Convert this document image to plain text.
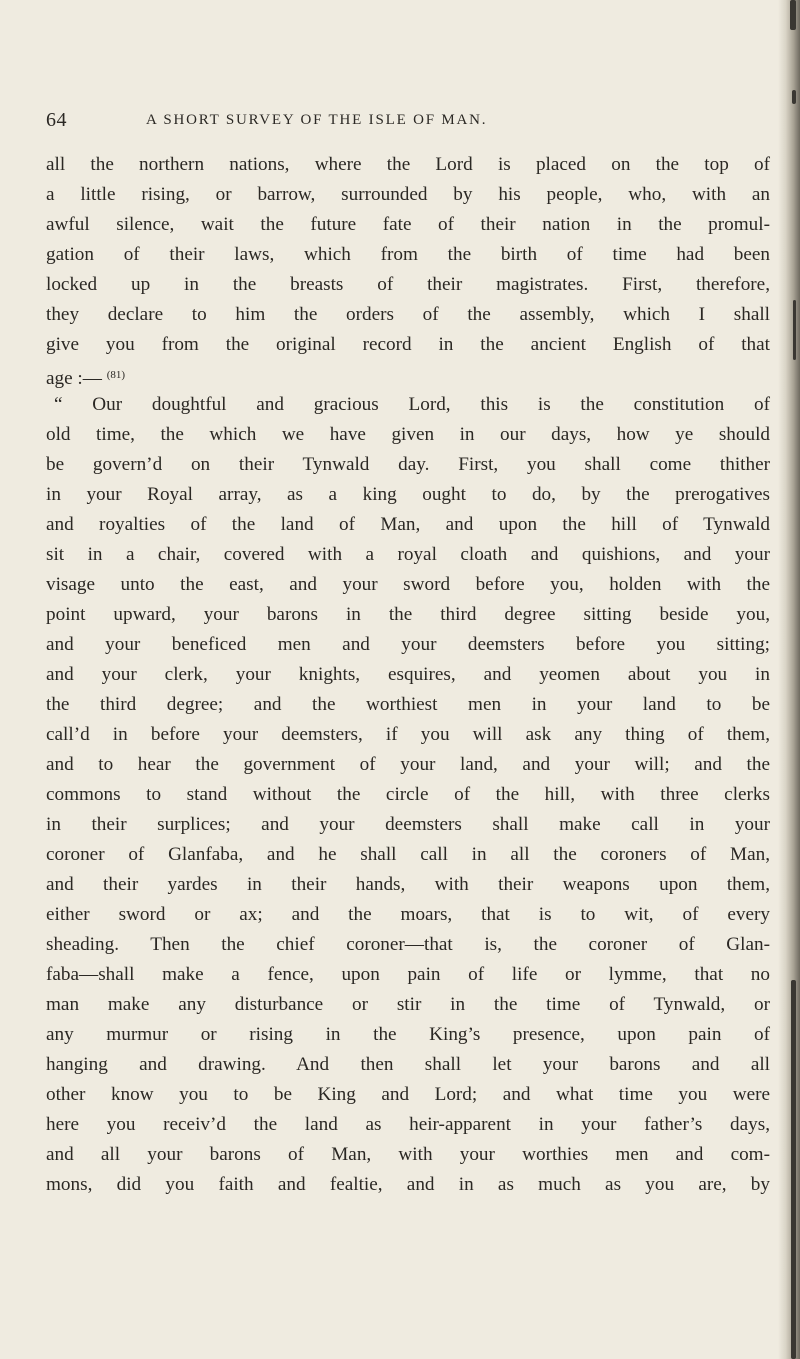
64	A SHORT SURVEY OF THE ISLE OF MAN.
all the northern nations, where the Lord is placed on the top of
a little rising, or barrow, surrounded by his people, who, with an
awful silence, wait the future fate of their nation in the promul-
gation of their laws, which from the birth of time had been
locked up in the breasts of their magistrates. First, therefore,
they declare to him the orders of the assembly, which I shall
give you from the original record in the ancient English of that
age :— $^{(81)}$
“ Our doughtful and gracious Lord, this is the constitution of
old time, the which we have given in our days, how ye should
be govern’d on their Tynwald day. First, you shall come thither
in your Royal array, as a king ought to do, by the prerogatives
and royalties of the land of Man, and upon the hill of Tynwald
sit in a chair, covered with a royal cloath and quishions, and your
visage unto the east, and your sword before you, holden with the
point upward, your barons in the third degree sitting beside you,
and your beneficed men and your deemsters before you sitting;
and your clerk, your knights, esquires, and yeomen about you in
the third degree; and the worthiest men in your land to be
call’d in before your deemsters, if you will ask any thing of them,
and to hear the government of your land, and your will; and the
commons to stand without the circle of the hill, with three clerks
in their surplices; and your deemsters shall make call in your
coroner of Glanfaba, and he shall call in all the coroners of Man,
and their yardes in their hands, with their weapons upon them,
either sword or ax; and the moars, that is to wit, of every
sheading. Then the chief coroner—that is, the coroner of Glan-
faba—shall make a fence, upon pain of life or lymme, that no
man make any disturbance or stir in the time of Tynwald, or
any murmur or rising in the King’s presence, upon pain of
hanging and drawing. And then shall let your barons and all
other know you to be King and Lord; and what time you were
here you receiv’d the land as heir-apparent in your father’s days,
and all your barons of Man, with your worthies men and com-
mons, did you faith and fealtie, and in as much as you are, by
